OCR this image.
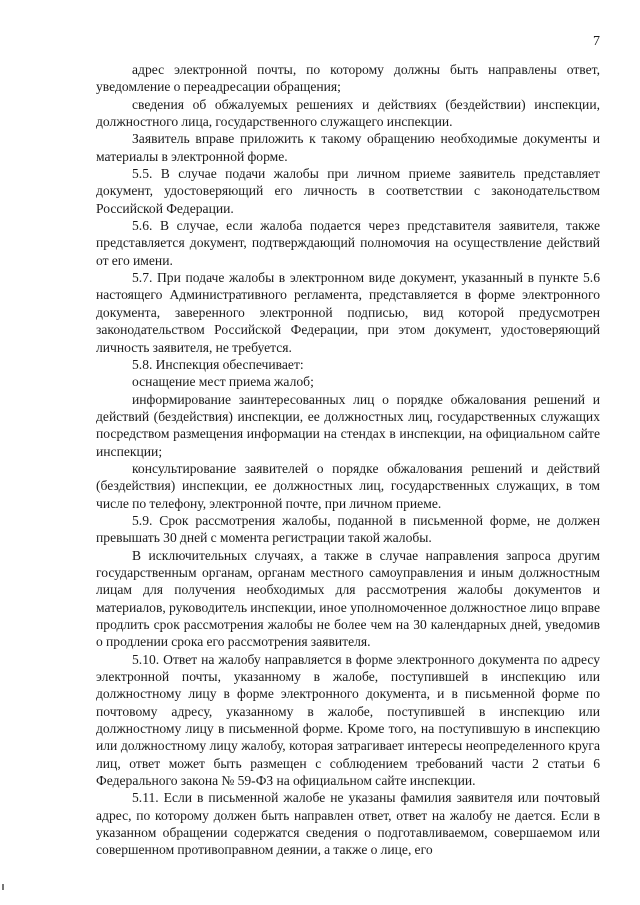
7

адрес электронной почты, по которому должны быть направлены ответ, уведомление о переадресации обращения;

сведения об обжалуемых решениях и действиях (бездействии) инспекции, должностного лица, государственного служащего инспекции.

Заявитель вправе приложить к такому обращению необходимые документы и материалы в электронной форме.

5.5. В случае подачи жалобы при личном приеме заявитель представляет документ, удостоверяющий его личность в соответствии с законодательством Российской Федерации.

5.6. В случае, если жалоба подается через представителя заявителя, также представляется документ, подтверждающий полномочия на осуществление действий от его имени.

5.7. При подаче жалобы в электронном виде документ, указанный в пункте 5.6 настоящего Административного регламента, представляется в форме электронного документа, заверенного электронной подписью, вид которой предусмотрен законодательством Российской Федерации, при этом документ, удостоверяющий личность заявителя, не требуется.

5.8. Инспекция обеспечивает:

оснащение мест приема жалоб;

информирование заинтересованных лиц о порядке обжалования решений и действий (бездействия) инспекции, ее должностных лиц, государственных служащих посредством размещения информации на стендах в инспекции, на официальном сайте инспекции;

консультирование заявителей о порядке обжалования решений и действий (бездействия) инспекции, ее должностных лиц, государственных служащих, в том числе по телефону, электронной почте, при личном приеме.

5.9. Срок рассмотрения жалобы, поданной в письменной форме, не должен превышать 30 дней с момента регистрации такой жалобы.

В исключительных случаях, а также в случае направления запроса другим государственным органам, органам местного самоуправления и иным должностным лицам для получения необходимых для рассмотрения жалобы документов и материалов, руководитель инспекции, иное уполномоченное должностное лицо вправе продлить срок рассмотрения жалобы не более чем на 30 календарных дней, уведомив о продлении срока его рассмотрения заявителя.

5.10. Ответ на жалобу направляется в форме электронного документа по адресу электронной почты, указанному в жалобе, поступившей в инспекцию или должностному лицу в форме электронного документа, и в письменной форме по почтовому адресу, указанному в жалобе, поступившей в инспекцию или должностному лицу в письменной форме. Кроме того, на поступившую в инспекцию или должностному лицу жалобу, которая затрагивает интересы неопределенного круга лиц, ответ может быть размещен с соблюдением требований части 2 статьи 6 Федерального закона № 59-ФЗ на официальном сайте инспекции.

5.11. Если в письменной жалобе не указаны фамилия заявителя или почтовый адрес, по которому должен быть направлен ответ, ответ на жалобу не дается. Если в указанном обращении содержатся сведения о подготавливаемом, совершаемом или совершенном противоправном деянии, а также о лице, его
